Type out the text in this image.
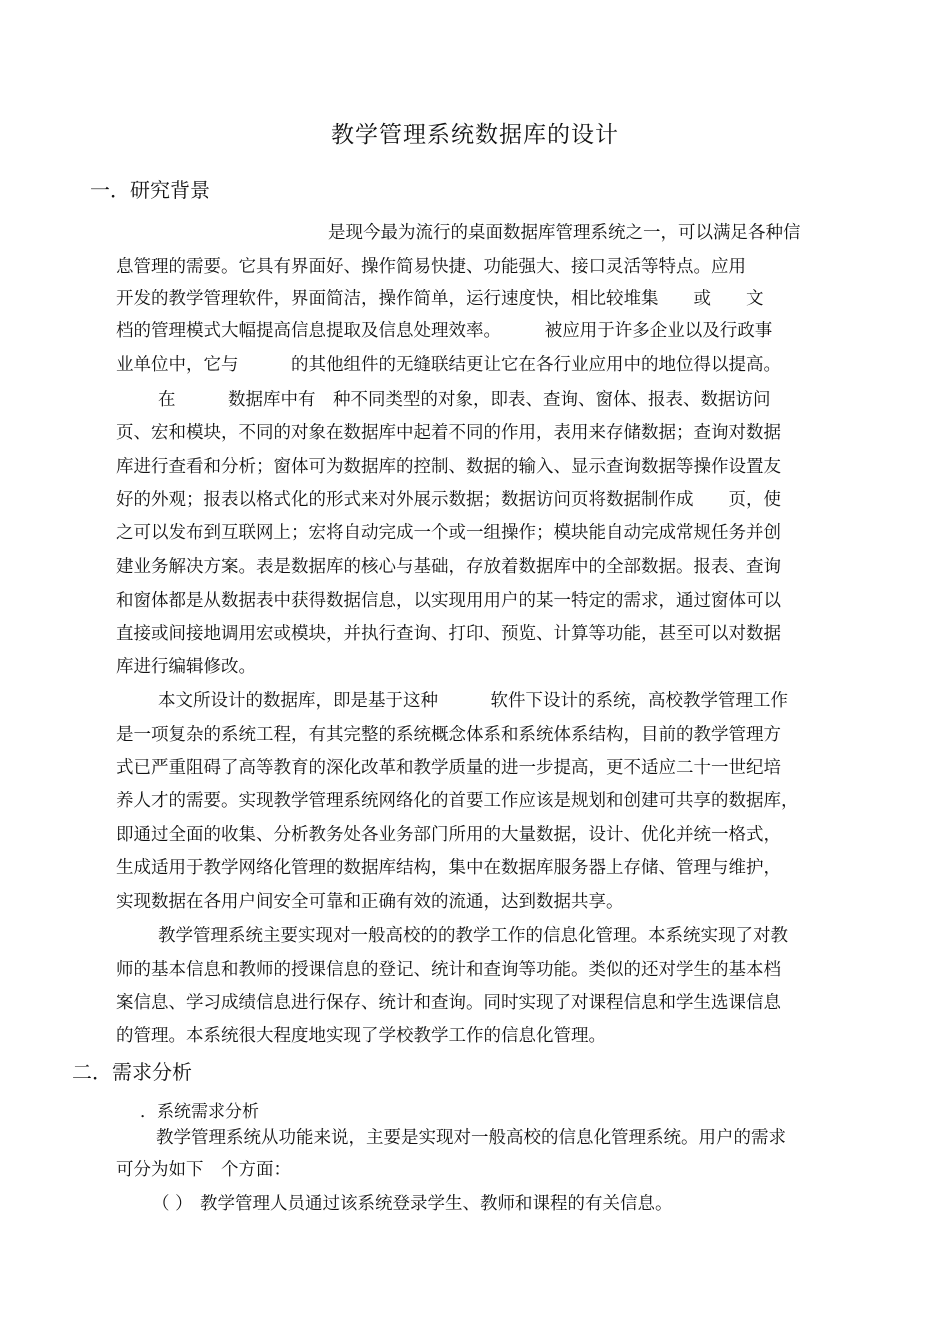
教学管理系统数据库的设计
一．研究背景
是现今最为流行的桌面数据库管理系统之一，可以满足各种信
息管理的需要。它具有界面好、操作简易快捷、功能强大、接口灵活等特点。应用
开发的教学管理软件，界面简洁，操作简单，运行速度快，相比较堆集　　或　　文
档的管理模式大幅提高信息提取及信息处理效率。　　　被应用于许多企业以及行政事
业单位中，它与　　　的其他组件的无缝联结更让它在各行业应用中的地位得以提高。
在　　　数据库中有　种不同类型的对象，即表、查询、窗体、报表、数据访问
页、宏和模块，不同的对象在数据库中起着不同的作用，表用来存储数据；查询对数据
库进行查看和分析；窗体可为数据库的控制、数据的输入、显示查询数据等操作设置友
好的外观；报表以格式化的形式来对外展示数据；数据访问页将数据制作成　　页，使
之可以发布到互联网上；宏将自动完成一个或一组操作；模块能自动完成常规任务并创
建业务解决方案。表是数据库的核心与基础，存放着数据库中的全部数据。报表、查询
和窗体都是从数据表中获得数据信息，以实现用用户的某一特定的需求，通过窗体可以
直接或间接地调用宏或模块，并执行查询、打印、预览、计算等功能，甚至可以对数据
库进行编辑修改。
本文所设计的数据库，即是基于这种　　　软件下设计的系统，高校教学管理工作
是一项复杂的系统工程，有其完整的系统概念体系和系统体系结构，目前的教学管理方
式已严重阻碍了高等教育的深化改革和教学质量的进一步提高，更不适应二十一世纪培
养人才的需要。实现教学管理系统网络化的首要工作应该是规划和创建可共享的数据库，
即通过全面的收集、分析教务处各业务部门所用的大量数据，设计、优化并统一格式，
生成适用于教学网络化管理的数据库结构，集中在数据库服务器上存储、管理与维护，
实现数据在各用户间安全可靠和正确有效的流通，达到数据共享。
教学管理系统主要实现对一般高校的的教学工作的信息化管理。本系统实现了对教
师的基本信息和教师的授课信息的登记、统计和查询等功能。类似的还对学生的基本档
案信息、学习成绩信息进行保存、统计和查询。同时实现了对课程信息和学生选课信息
的管理。本系统很大程度地实现了学校教学工作的信息化管理。
二．需求分析
．系统需求分析
教学管理系统从功能来说，主要是实现对一般高校的信息化管理系统。用户的需求
可分为如下　个方面：
（ ） 教学管理人员通过该系统登录学生、教师和课程的有关信息。
